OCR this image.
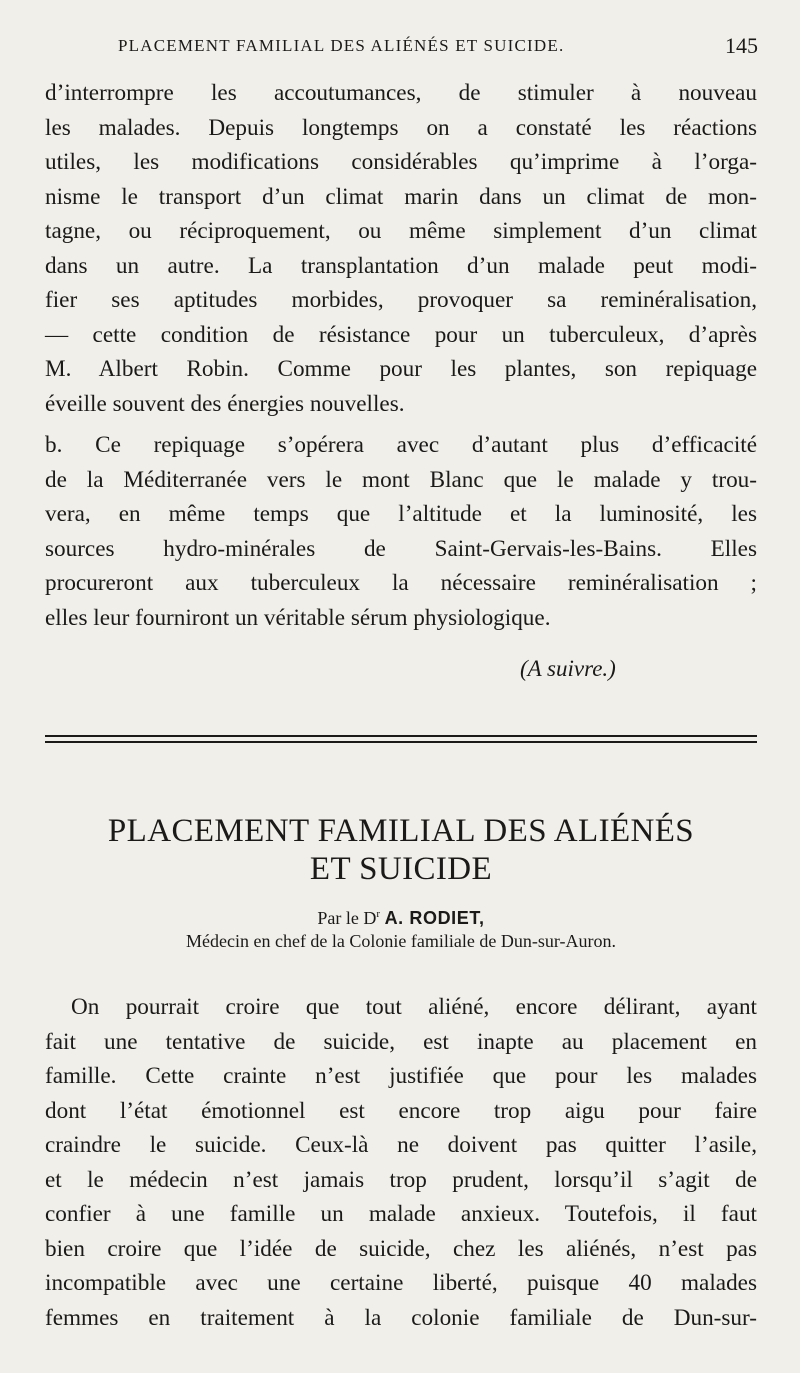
PLACEMENT FAMILIAL DES ALIÉNÉS ET SUICIDE.	145
d’interrompre les accoutumances, de stimuler à nouveau
les malades. Depuis longtemps on a constaté les réactions
utiles, les modifications considérables qu’imprime à l’orga-
nisme le transport d’un climat marin dans un climat de mon-
tagne, ou réciproquement, ou même simplement d’un climat
dans un autre. La transplantation d’un malade peut modi-
fier ses aptitudes morbides, provoquer sa reminéralisation,
— cette condition de résistance pour un tuberculeux, d’après
M. Albert Robin. Comme pour les plantes, son repiquage
éveille souvent des énergies nouvelles.
b. Ce repiquage s’opérera avec d’autant plus d’efficacité
de la Méditerranée vers le mont Blanc que le malade y trou-
vera, en même temps que l’altitude et la luminosité, les
sources hydro-minérales de Saint-Gervais-les-Bains. Elles
procureront aux tuberculeux la nécessaire reminéralisation ;
elles leur fourniront un véritable sérum physiologique.
(A suivre.)
PLACEMENT FAMILIAL DES ALIÉNÉS
ET SUICIDE
Par le $D^r$ A. RODIET,
Médecin en chef de la Colonie familiale de Dun-sur-Auron.
On pourrait croire que tout aliéné, encore délirant, ayant
fait une tentative de suicide, est inapte au placement en
famille. Cette crainte n’est justifiée que pour les malades
dont l’état émotionnel est encore trop aigu pour faire
craindre le suicide. Ceux-là ne doivent pas quitter l’asile,
et le médecin n’est jamais trop prudent, lorsqu’il s’agit de
confier à une famille un malade anxieux. Toutefois, il faut
bien croire que l’idée de suicide, chez les aliénés, n’est pas
incompatible avec une certaine liberté, puisque 40 malades
femmes en traitement à la colonie familiale de Dun-sur-
